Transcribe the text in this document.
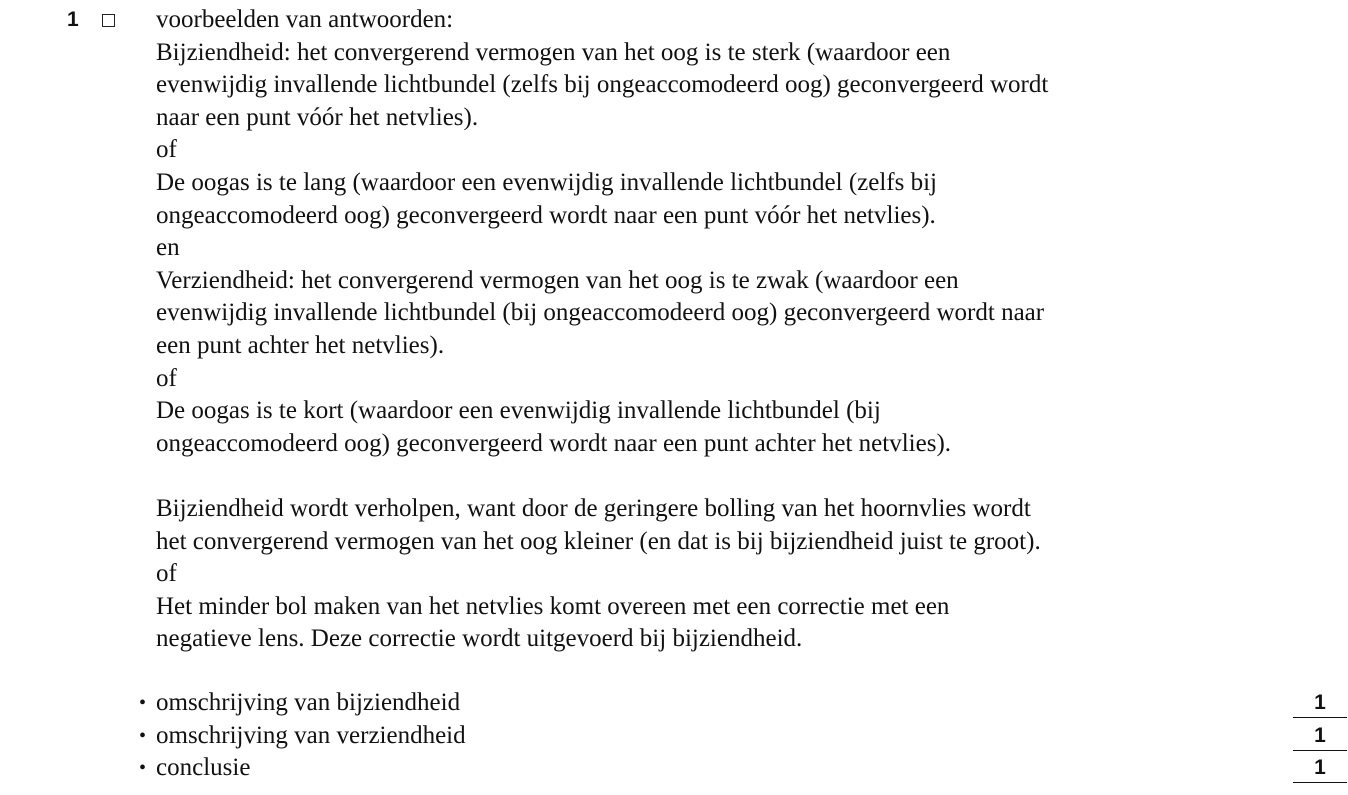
1	voorbeelden van antwoorden:
Bijziendheid: het convergerend vermogen van het oog is te sterk (waardoor een
evenwijdig invallende lichtbundel (zelfs bij ongeaccomodeerd oog) geconvergeerd wordt
naar een punt vóór het netvlies).
of
De oogas is te lang (waardoor een evenwijdig invallende lichtbundel (zelfs bij
ongeaccomodeerd oog) geconvergeerd wordt naar een punt vóór het netvlies).
en
Verziendheid: het convergerend vermogen van het oog is te zwak (waardoor een
evenwijdig invallende lichtbundel (bij ongeaccomodeerd oog) geconvergeerd wordt naar
een punt achter het netvlies).
of
De oogas is te kort (waardoor een evenwijdig invallende lichtbundel (bij
ongeaccomodeerd oog) geconvergeerd wordt naar een punt achter het netvlies).
Bijziendheid wordt verholpen, want door de geringere bolling van het hoornvlies wordt
het convergerend vermogen van het oog kleiner (en dat is bij bijziendheid juist te groot).
of
Het minder bol maken van het netvlies komt overeen met een correctie met een
negatieve lens. Deze correctie wordt uitgevoerd bij bijziendheid.
• omschrijving van bijziendheid	1
• omschrijving van verziendheid	1
• conclusie	1
